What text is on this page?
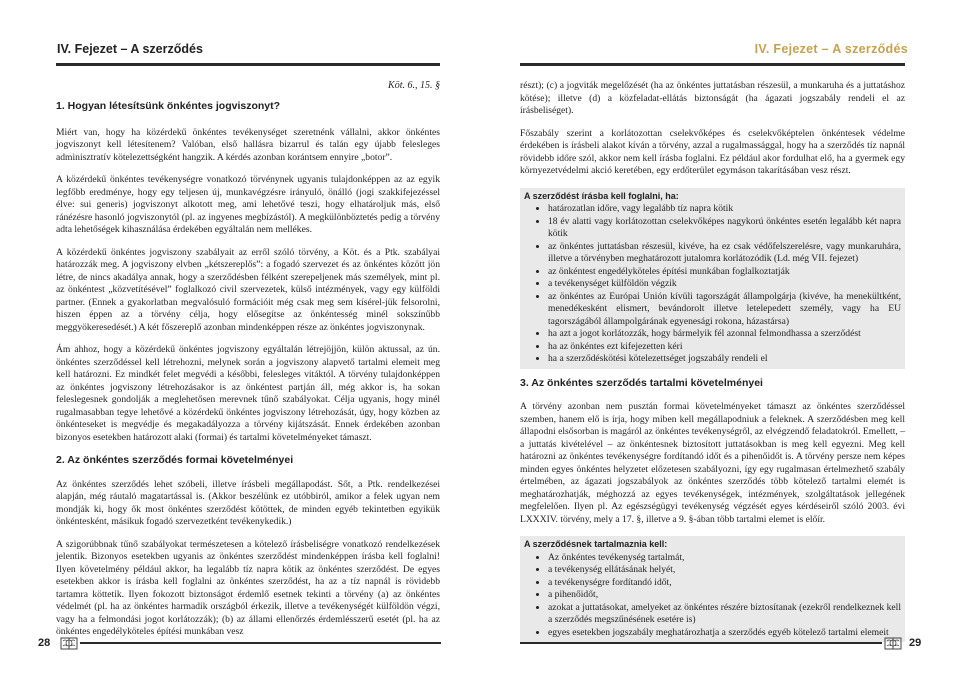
IV. Fejezet – A szerződés	IV. Fejezet – A szerződés
Köt. 6., 15. §
1. Hogyan létesítsünk önkéntes jogviszonyt?

Miért van, hogy ha közérdekű önkéntes tevékenységet szeretnénk vállalni, akkor önkéntes jogviszonyt kell létesítenem? Valóban, első hallásra bizarrul és talán egy újabb felesleges adminisztratív kötelezettségként hangzik. A kérdés azonban korántsem ennyire „botor”.

A közérdekű önkéntes tevékenységre vonatkozó törvénynek ugyanis tulajdonképpen az az egyik legfőbb eredménye, hogy egy teljesen új, munkavégzésre irányuló, önálló (jogi szakkifejezéssel élve: sui generis) jogviszonyt alkotott meg, ami lehetővé teszi, hogy elhatároljuk más, első ránézésre hasonló jogviszonytól (pl. az ingyenes megbízástól). A megkülönböztetés pedig a törvény adta lehetőségek kihasználása érdekében egyáltalán nem mellékes.

A közérdekű önkéntes jogviszony szabályait az erről szóló törvény, a Köt. és a Ptk. szabályai határozzák meg. A jogviszony elvben „kétszereplős”: a fogadó szervezet és az önkéntes között jön létre, de nincs akadálya annak, hogy a szerződésben félként szerepeljenek más személyek, mint pl. az önkéntest „közvetítésével” foglalkozó civil szervezetek, külső intézmények, vagy egy külföldi partner. (Ennek a gyakorlatban megvalósuló formációit még csak meg sem kísérel-jük felsorolni, hiszen éppen az a törvény célja, hogy elősegítse az önkéntesség minél sokszínűbb meggyökeresedését.) A két főszereplő azonban mindenképpen része az önkéntes jogviszonynak.

Ám ahhoz, hogy a közérdekű önkéntes jogviszony egyáltalán létrejöjjön, külön aktussal, az ún. önkéntes szerződéssel kell létrehozni, melynek során a jogviszony alapvető tartalmi elemeit meg kell határozni. Ez mindkét felet megvédi a későbbi, felesleges vitáktól. A törvény tulajdonképpen az önkéntes jogviszony létrehozásakor is az önkéntest partján áll, még akkor is, ha sokan feleslegesnek gondolják a meglehetősen merevnek tűnő szabályokat. Célja ugyanis, hogy minél rugalmasabban tegye lehetővé a közérdekű önkéntes jogviszony létrehozását, úgy, hogy közben az önkénteseket is megvédje és megakadályozza a törvény kijátszását. Ennek érdekében azonban bizonyos esetekben határozott alaki (formai) és tartalmi követelményeket támaszt.

2. Az önkéntes szerződés formai követelményei

Az önkéntes szerződés lehet szóbeli, illetve írásbeli megállapodást. Sőt, a Ptk. rendelkezései alapján, még ráutaló magatartással is. (Akkor beszélünk ez utóbbiról, amikor a felek ugyan nem mondják ki, hogy ők most önkéntes szerződést kötöttek, de minden egyéb tekintetben egyikük önkéntesként, másikuk fogadó szervezetként tevékenykedik.)

A szigorúbbnak tűnő szabályokat természetesen a kötelező írásbeliségre vonatkozó rendelkezések jelentik. Bizonyos esetekben ugyanis az önkéntes szerződést mindenképpen írásba kell foglalni! Ilyen követelmény például akkor, ha legalább tíz napra kötik az önkéntes szerződést. De egyes esetekben akkor is írásba kell foglalni az önkéntes szerződést, ha az a tíz napnál is rövidebb tartamra köttetik. Ilyen fokozott biztonságot érdemlő esetnek tekinti a törvény (a) az önkéntes védelmét (pl. ha az önkéntes harmadik országból érkezik, illetve a tevékenységét külföldön végzi, vagy ha a felmondási jogot korlátozzák); (b) az állami ellenőrzés érdemlésszerű esetét (pl. ha az önkéntes engedélyköteles építési munkában vesz

részt); (c) a jogviták megelőzését (ha az önkéntes juttatásban részesül, a munkaruha és a juttatáshoz kötése); illetve (d) a közfeladat-ellátás biztonságát (ha ágazati jogszabály rendeli el az írásbeliséget).

Főszabály szerint a korlátozottan cselekvőképes és cselekvőképtelen önkéntesek védelme érdekében is írásbeli alakot kíván a törvény, azzal a rugalmassággal, hogy ha a szerződés tíz napnál rövidebb időre szól, akkor nem kell írásba foglalni. Ez például akor fordulhat elő, ha a gyermek egy környezetvédelmi akció keretében, egy erdőterület egymáson takarításában vesz részt.

A szerződést írásba kell foglalni, ha:
• határozatlan időre, vagy legalább tíz napra kötik
• 18 év alatti vagy korlátozottan cselekvőképes nagykorú önkéntes esetén legalább két napra kötik
• az önkéntes juttatásban részesül, kivéve, ha ez csak védőfelszerelésre, vagy munkaruhára, illetve a törvényben meghatározott jutalomra korlátozódik (Ld. még VII. fejezet)
• az önkéntest engedélyköteles építési munkában foglalkoztatják
• a tevékenységet külföldön végzik
• az önkéntes az Európai Unión kívüli tagországát állampolgárja (kivéve, ha menekültként, menedékesként elismert, bevándorolt illetve letelepedett személy, vagy ha EU tagországából állampolgárának egyenesági rokona, házastársa)
• ha azt a jogot korlátozzák, hogy bármelyik fél azonnal felmondhassa a szerződést
• ha az önkéntes ezt kifejezetten kéri
• ha a szerződéskötési kötelezettséget jogszabály rendeli el
3. Az önkéntes szerződés tartalmi követelményei

A törvény azonban nem pusztán formai követelményeket támaszt az önkéntes szerződéssel szemben, hanem elő is írja, hogy miben kell megállapodniuk a feleknek. A szerződésben meg kell állapodni elsősorban is magáról az önkéntes tevékenységről, az elvégzendő feladatokról. Emellett, – a juttatás kivételével – az önkéntesnek biztosított juttatásokban is meg kell egyezni. Meg kell határozni az önkéntes tevékenységre fordítandó időt és a pihenőidőt is. A törvény persze nem képes minden egyes önkéntes helyzetet előzetesen szabályozni, így egy rugalmasan értelmezhető szabály értelmében, az ágazati jogszabályok az önkéntes szerződés több kötelező tartalmi elemét is meghatározhatják, méghozzá az egyes tevékenységek, intézmények, szolgáltatások jellegének megfelelően. Ilyen pl. Az egészségügyi tevékenység végzését egyes kérdéseiről szóló 2003. évi LXXXIV. törvény, mely a 17. §, illetve a 9. §-ában több tartalmi elemet is előír.

A szerződésnek tartalmaznia kell:
• Az önkéntes tevékenység tartalmát,
• a tevékenység ellátásának helyét,
• a tevékenységre fordítandó időt,
• a pihenőidőt,
• azokat a juttatásokat, amelyeket az önkéntes részére biztosítanak (ezekről rendelkeznek kell a szerződés megszűnésének esetére is)
• egyes esetekben jogszabály meghatározhatja a szerződés egyéb kötelező tartalmi elemeit
28	29
